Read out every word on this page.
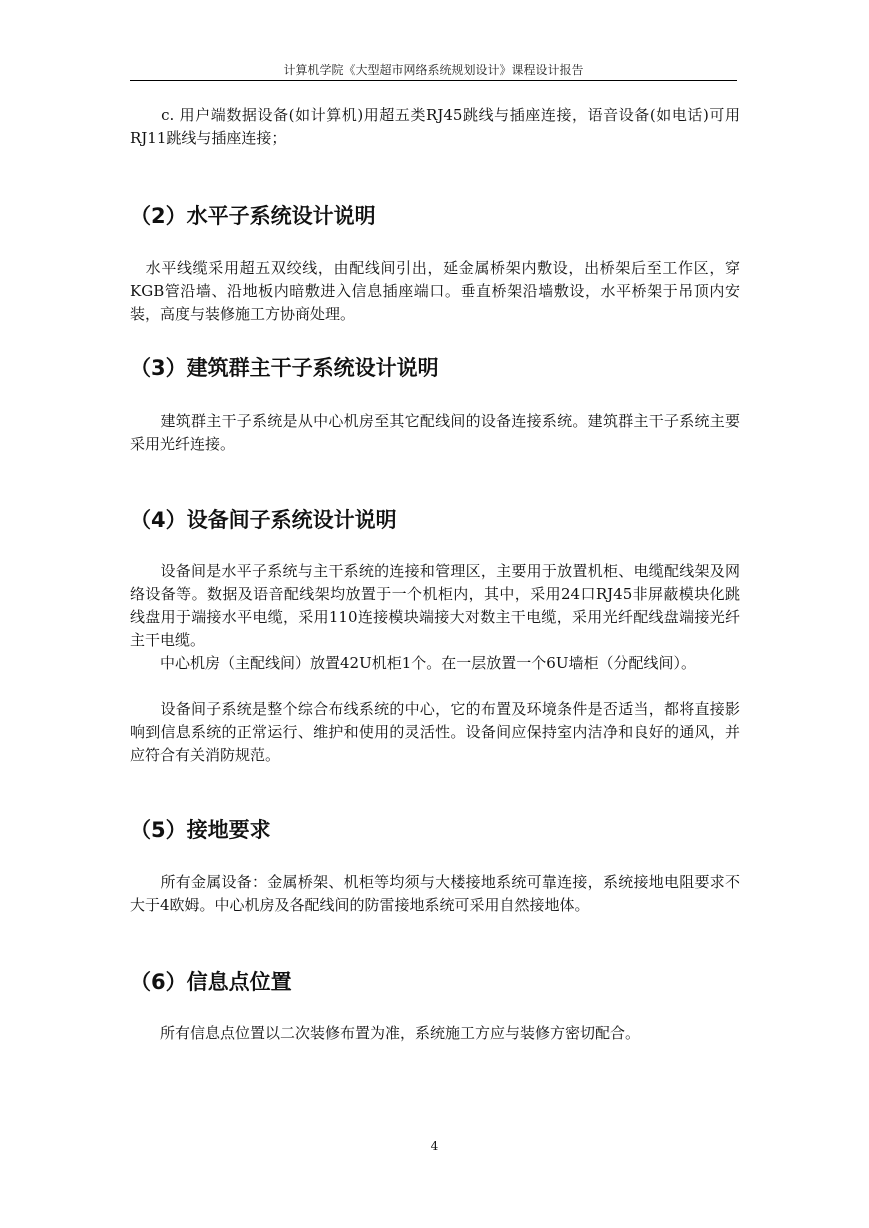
计算机学院《大型超市网络系统规划设计》课程设计报告

　　c. 用户端数据设备(如计算机)用超五类RJ45跳线与插座连接，语音设备(如电话)可用RJ11跳线与插座连接；

（2）水平子系统设计说明

　水平线缆采用超五双绞线，由配线间引出，延金属桥架内敷设，出桥架后至工作区，穿KGB管沿墙、沿地板内暗敷进入信息插座端口。垂直桥架沿墙敷设，水平桥架于吊顶内安装，高度与装修施工方协商处理。

（3）建筑群主干子系统设计说明

　　建筑群主干子系统是从中心机房至其它配线间的设备连接系统。建筑群主干子系统主要采用光纤连接。

（4）设备间子系统设计说明

　　设备间是水平子系统与主干系统的连接和管理区，主要用于放置机柜、电缆配线架及网络设备等。数据及语音配线架均放置于一个机柜内，其中，采用24口RJ45非屏蔽模块化跳线盘用于端接水平电缆，采用110连接模块端接大对数主干电缆，采用光纤配线盘端接光纤主干电缆。

　　中心机房（主配线间）放置42U机柜1个。在一层放置一个6U墙柜（分配线间）。

　　设备间子系统是整个综合布线系统的中心，它的布置及环境条件是否适当，都将直接影响到信息系统的正常运行、维护和使用的灵活性。设备间应保持室内洁净和良好的通风，并应符合有关消防规范。

（5）接地要求

　　所有金属设备：金属桥架、机柜等均须与大楼接地系统可靠连接，系统接地电阻要求不大于4欧姆。中心机房及各配线间的防雷接地系统可采用自然接地体。

（6）信息点位置

　　所有信息点位置以二次装修布置为准，系统施工方应与装修方密切配合。

4
